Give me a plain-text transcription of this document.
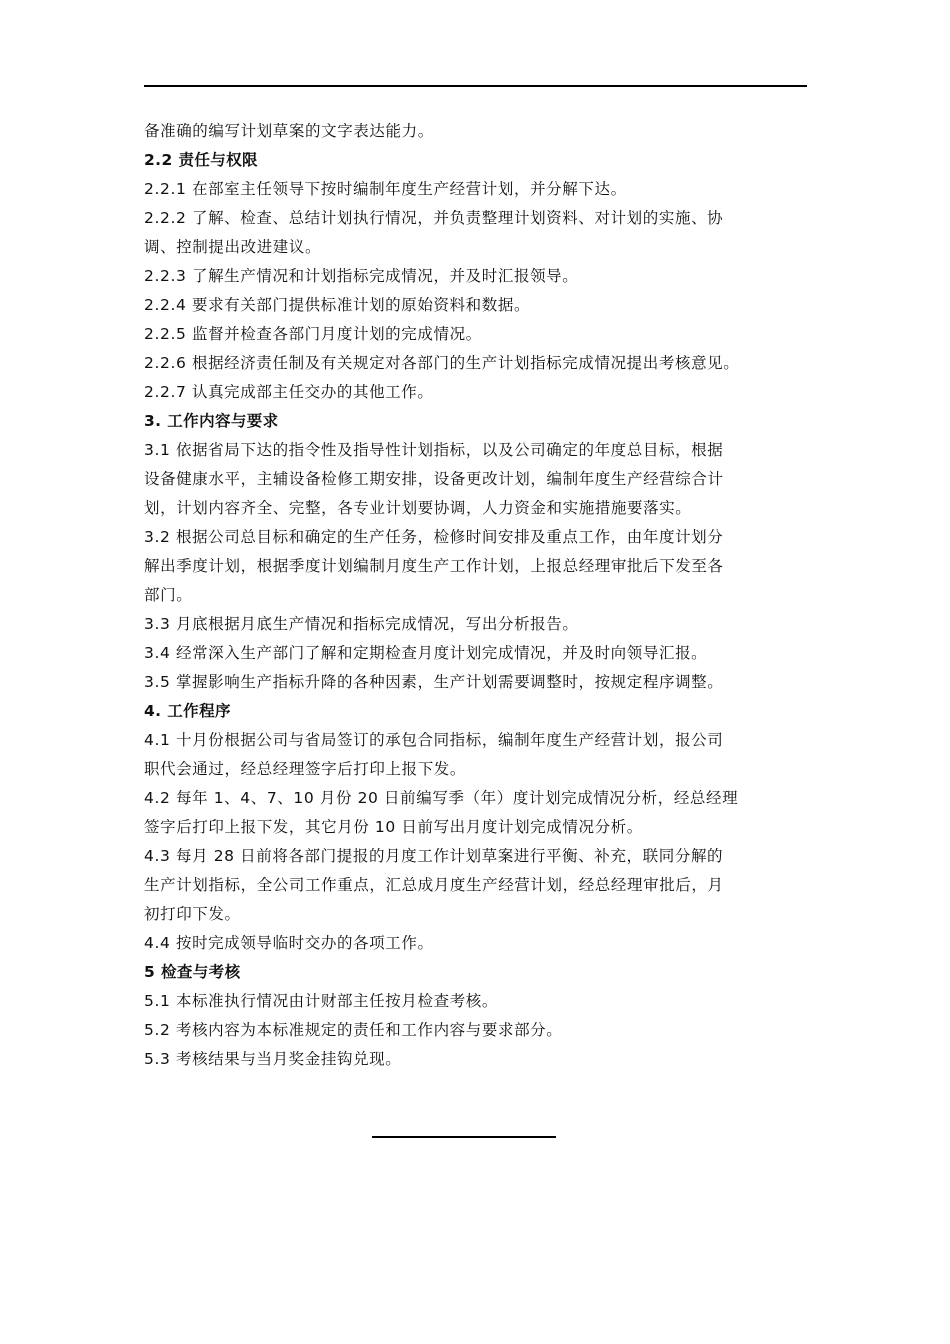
备准确的编写计划草案的文字表达能力。
2.2 责任与权限
2.2.1 在部室主任领导下按时编制年度生产经营计划，并分解下达。
2.2.2 了解、检查、总结计划执行情况，并负责整理计划资料、对计划的实施、协
调、控制提出改进建议。
2.2.3 了解生产情况和计划指标完成情况，并及时汇报领导。
2.2.4 要求有关部门提供标准计划的原始资料和数据。
2.2.5 监督并检查各部门月度计划的完成情况。
2.2.6 根据经济责任制及有关规定对各部门的生产计划指标完成情况提出考核意见。
2.2.7 认真完成部主任交办的其他工作。
3. 工作内容与要求
3.1 依据省局下达的指令性及指导性计划指标，以及公司确定的年度总目标，根据
设备健康水平，主辅设备检修工期安排，设备更改计划，编制年度生产经营综合计
划，计划内容齐全、完整，各专业计划要协调，人力资金和实施措施要落实。
3.2 根据公司总目标和确定的生产任务，检修时间安排及重点工作，由年度计划分
解出季度计划，根据季度计划编制月度生产工作计划，上报总经理审批后下发至各
部门。
3.3 月底根据月底生产情况和指标完成情况，写出分析报告。
3.4 经常深入生产部门了解和定期检查月度计划完成情况，并及时向领导汇报。
3.5 掌握影响生产指标升降的各种因素，生产计划需要调整时，按规定程序调整。
4. 工作程序
4.1 十月份根据公司与省局签订的承包合同指标，编制年度生产经营计划，报公司
职代会通过，经总经理签字后打印上报下发。
4.2 每年 1、4、7、10 月份 20 日前编写季（年）度计划完成情况分析，经总经理
签字后打印上报下发，其它月份 10 日前写出月度计划完成情况分析。
4.3 每月 28 日前将各部门提报的月度工作计划草案进行平衡、补充，联同分解的
生产计划指标，全公司工作重点，汇总成月度生产经营计划，经总经理审批后，月
初打印下发。
4.4 按时完成领导临时交办的各项工作。
5 检查与考核
5.1 本标准执行情况由计财部主任按月检查考核。
5.2 考核内容为本标准规定的责任和工作内容与要求部分。
5.3 考核结果与当月奖金挂钩兑现。
